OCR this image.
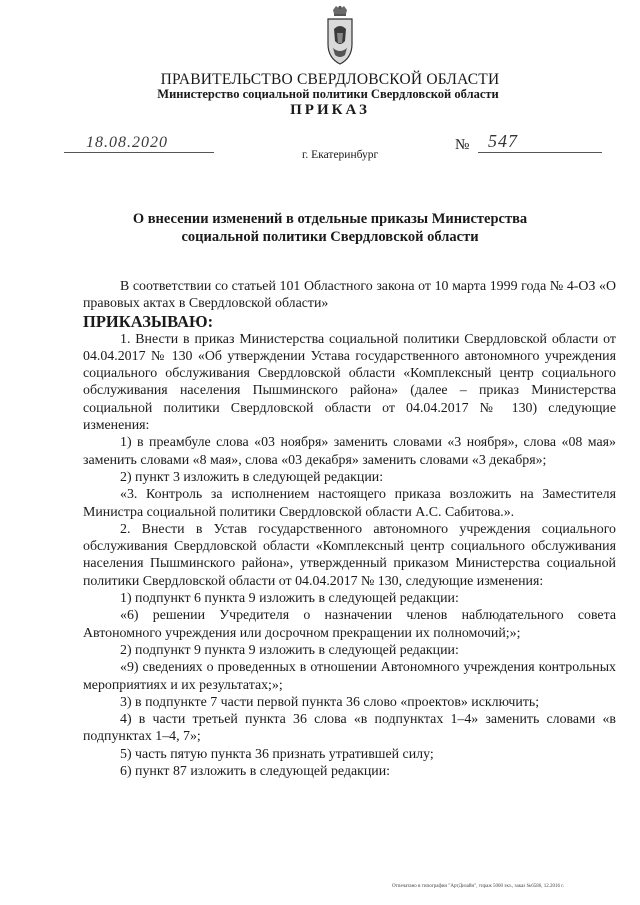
ПРАВИТЕЛЬСТВО СВЕРДЛОВСКОЙ ОБЛАСТИ
Министерство социальной политики Свердловской области
ПРИКАЗ
18.08.2020
г. Екатеринбург
№ 547
О внесении изменений в отдельные приказы Министерства социальной политики Свердловской области

В соответствии со статьей 101 Областного закона от 10 марта 1999 года № 4-ОЗ «О правовых актах в Свердловской области»

ПРИКАЗЫВАЮ:

1. Внести в приказ Министерства социальной политики Свердловской области от 04.04.2017 № 130 «Об утверждении Устава государственного автономного учреждения социального обслуживания Свердловской области «Комплексный центр социального обслуживания населения Пышминского района» (далее – приказ Министерства социальной политики Свердловской области от 04.04.2017 № 130) следующие изменения:

1) в преамбуле слова «03 ноября» заменить словами «3 ноября», слова «08 мая» заменить словами «8 мая», слова «03 декабря» заменить словами «3 декабря»;

2) пункт 3 изложить в следующей редакции:

«3. Контроль за исполнением настоящего приказа возложить на Заместителя Министра социальной политики Свердловской области А.С. Сабитова.».

2. Внести в Устав государственного автономного учреждения социального обслуживания Свердловской области «Комплексный центр социального обслуживания населения Пышминского района», утвержденный приказом Министерства социальной политики Свердловской области от 04.04.2017 № 130, следующие изменения:

1) подпункт 6 пункта 9 изложить в следующей редакции:

«6) решении Учредителя о назначении членов наблюдательного совета Автономного учреждения или досрочном прекращении их полномочий;»;

2) подпункт 9 пункта 9 изложить в следующей редакции:

«9) сведениях о проведенных в отношении Автономного учреждения контрольных мероприятиях и их результатах;»;

3) в подпункте 7 части первой пункта 36 слово «проектов» исключить;

4) в части третьей пункта 36 слова «в подпунктах 1–4» заменить словами «в подпунктах 1–4, 7»;

5) часть пятую пункта 36 признать утратившей силу;

6) пункт 87 изложить в следующей редакции:

Отпечатано в типографии "АртДизайн", тираж 5000 экз., заказ №6586, 12.2016 г.
